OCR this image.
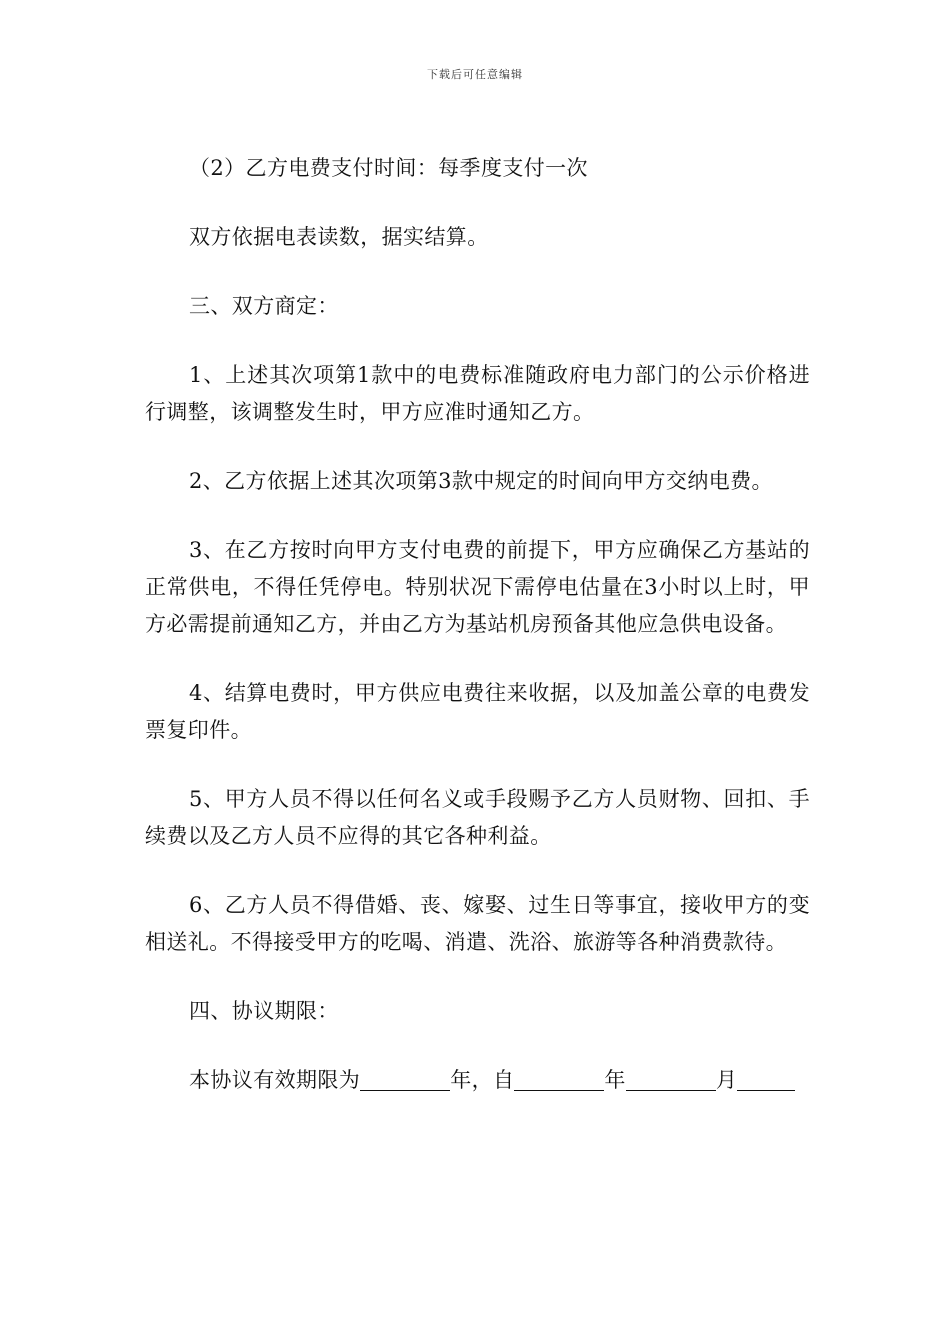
下载后可任意编辑

（2）乙方电费支付时间：每季度支付一次

双方依据电表读数，据实结算。

三、双方商定：

1、上述其次项第1款中的电费标准随政府电力部门的公示价格进行调整，该调整发生时，甲方应准时通知乙方。

2、乙方依据上述其次项第3款中规定的时间向甲方交纳电费。

3、在乙方按时向甲方支付电费的前提下，甲方应确保乙方基站的正常供电，不得任凭停电。特别状况下需停电估量在3小时以上时，甲方必需提前通知乙方，并由乙方为基站机房预备其他应急供电设备。

4、结算电费时，甲方供应电费往来收据，以及加盖公章的电费发票复印件。

5、甲方人员不得以任何名义或手段赐予乙方人员财物、回扣、手续费以及乙方人员不应得的其它各种利益。

6、乙方人员不得借婚、丧、嫁娶、过生日等事宜，接收甲方的变相送礼。不得接受甲方的吃喝、消遣、洗浴、旅游等各种消费款待。

四、协议期限：

本协议有效期限为	年，自	年	月
